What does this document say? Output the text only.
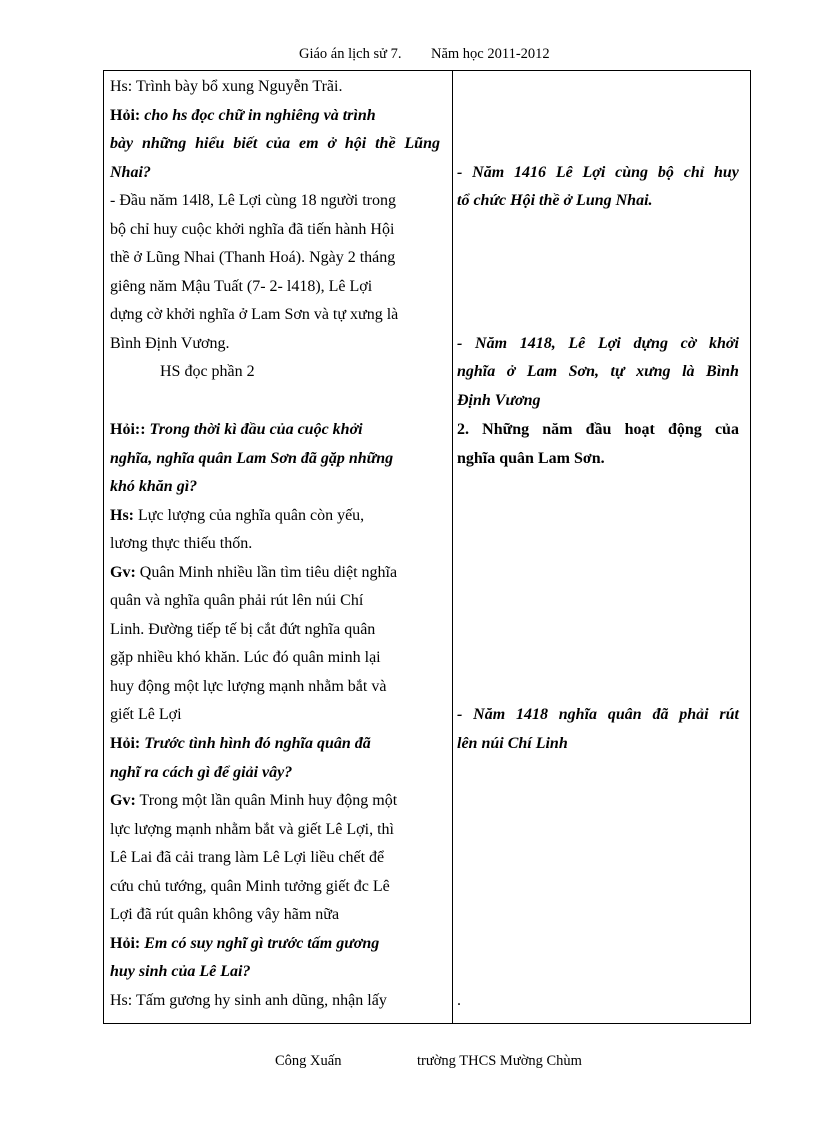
Giáo án lịch sử 7. Năm học 2011-2012
Hs: Trình bày bổ xung Nguyễn Trãi.
Hỏi: cho hs đọc chữ in nghiêng và trình
bày những hiểu biết của em ở hội thề Lũng
Nhai?
- Đầu năm 14l8, Lê Lợi cùng 18 người trong
bộ chỉ huy cuộc khởi nghĩa đã tiến hành Hội
thề ở Lũng Nhai (Thanh Hoá). Ngày 2 tháng
giêng năm Mậu Tuất (7- 2- l418), Lê Lợi
dựng cờ khởi nghĩa ở Lam Sơn và tự xưng là
Bình Định Vương.
HS đọc phần 2
Hỏi:: Trong thời kì đầu của cuộc khởi
nghĩa, nghĩa quân Lam Sơn đã gặp những
khó khăn gì?
Hs: Lực lượng của nghĩa quân còn yếu,
lương thực thiếu thốn.
Gv: Quân Minh nhiều lần tìm tiêu diệt nghĩa
quân và nghĩa quân phải rút lên núi Chí
Linh. Đường tiếp tế bị cắt đứt nghĩa quân
gặp nhiều khó khăn. Lúc đó quân minh lại
huy động một lực lượng mạnh nhằm bắt và
giết Lê Lợi
Hỏi: Trước tình hình đó nghĩa quân đã
nghĩ ra cách gì để giải vây?
Gv: Trong một lần quân Minh huy động một
lực lượng mạnh nhằm bắt và giết Lê Lợi, thì
Lê Lai đã cải trang làm Lê Lợi liều chết để
cứu chủ tướng, quân Minh tưởng giết đc Lê
Lợi đã rút quân không vây hãm nữa
Hỏi: Em có suy nghĩ gì trước tấm gương
huy sinh của Lê Lai?
Hs: Tấm gương hy sinh anh dũng, nhận lấy

- Năm 1416 Lê Lợi cùng bộ chỉ huy
tổ chức Hội thề ở Lung Nhai.
- Năm 1418, Lê Lợi dựng cờ khởi
nghĩa ở Lam Sơn, tự xưng là Bình
Định Vương
2. Những năm đầu hoạt động của
nghĩa quân Lam Sơn.
- Năm 1418 nghĩa quân đã phải rút
lên núi Chí Linh
.
Công Xuấn	trường THCS Mường Chùm
